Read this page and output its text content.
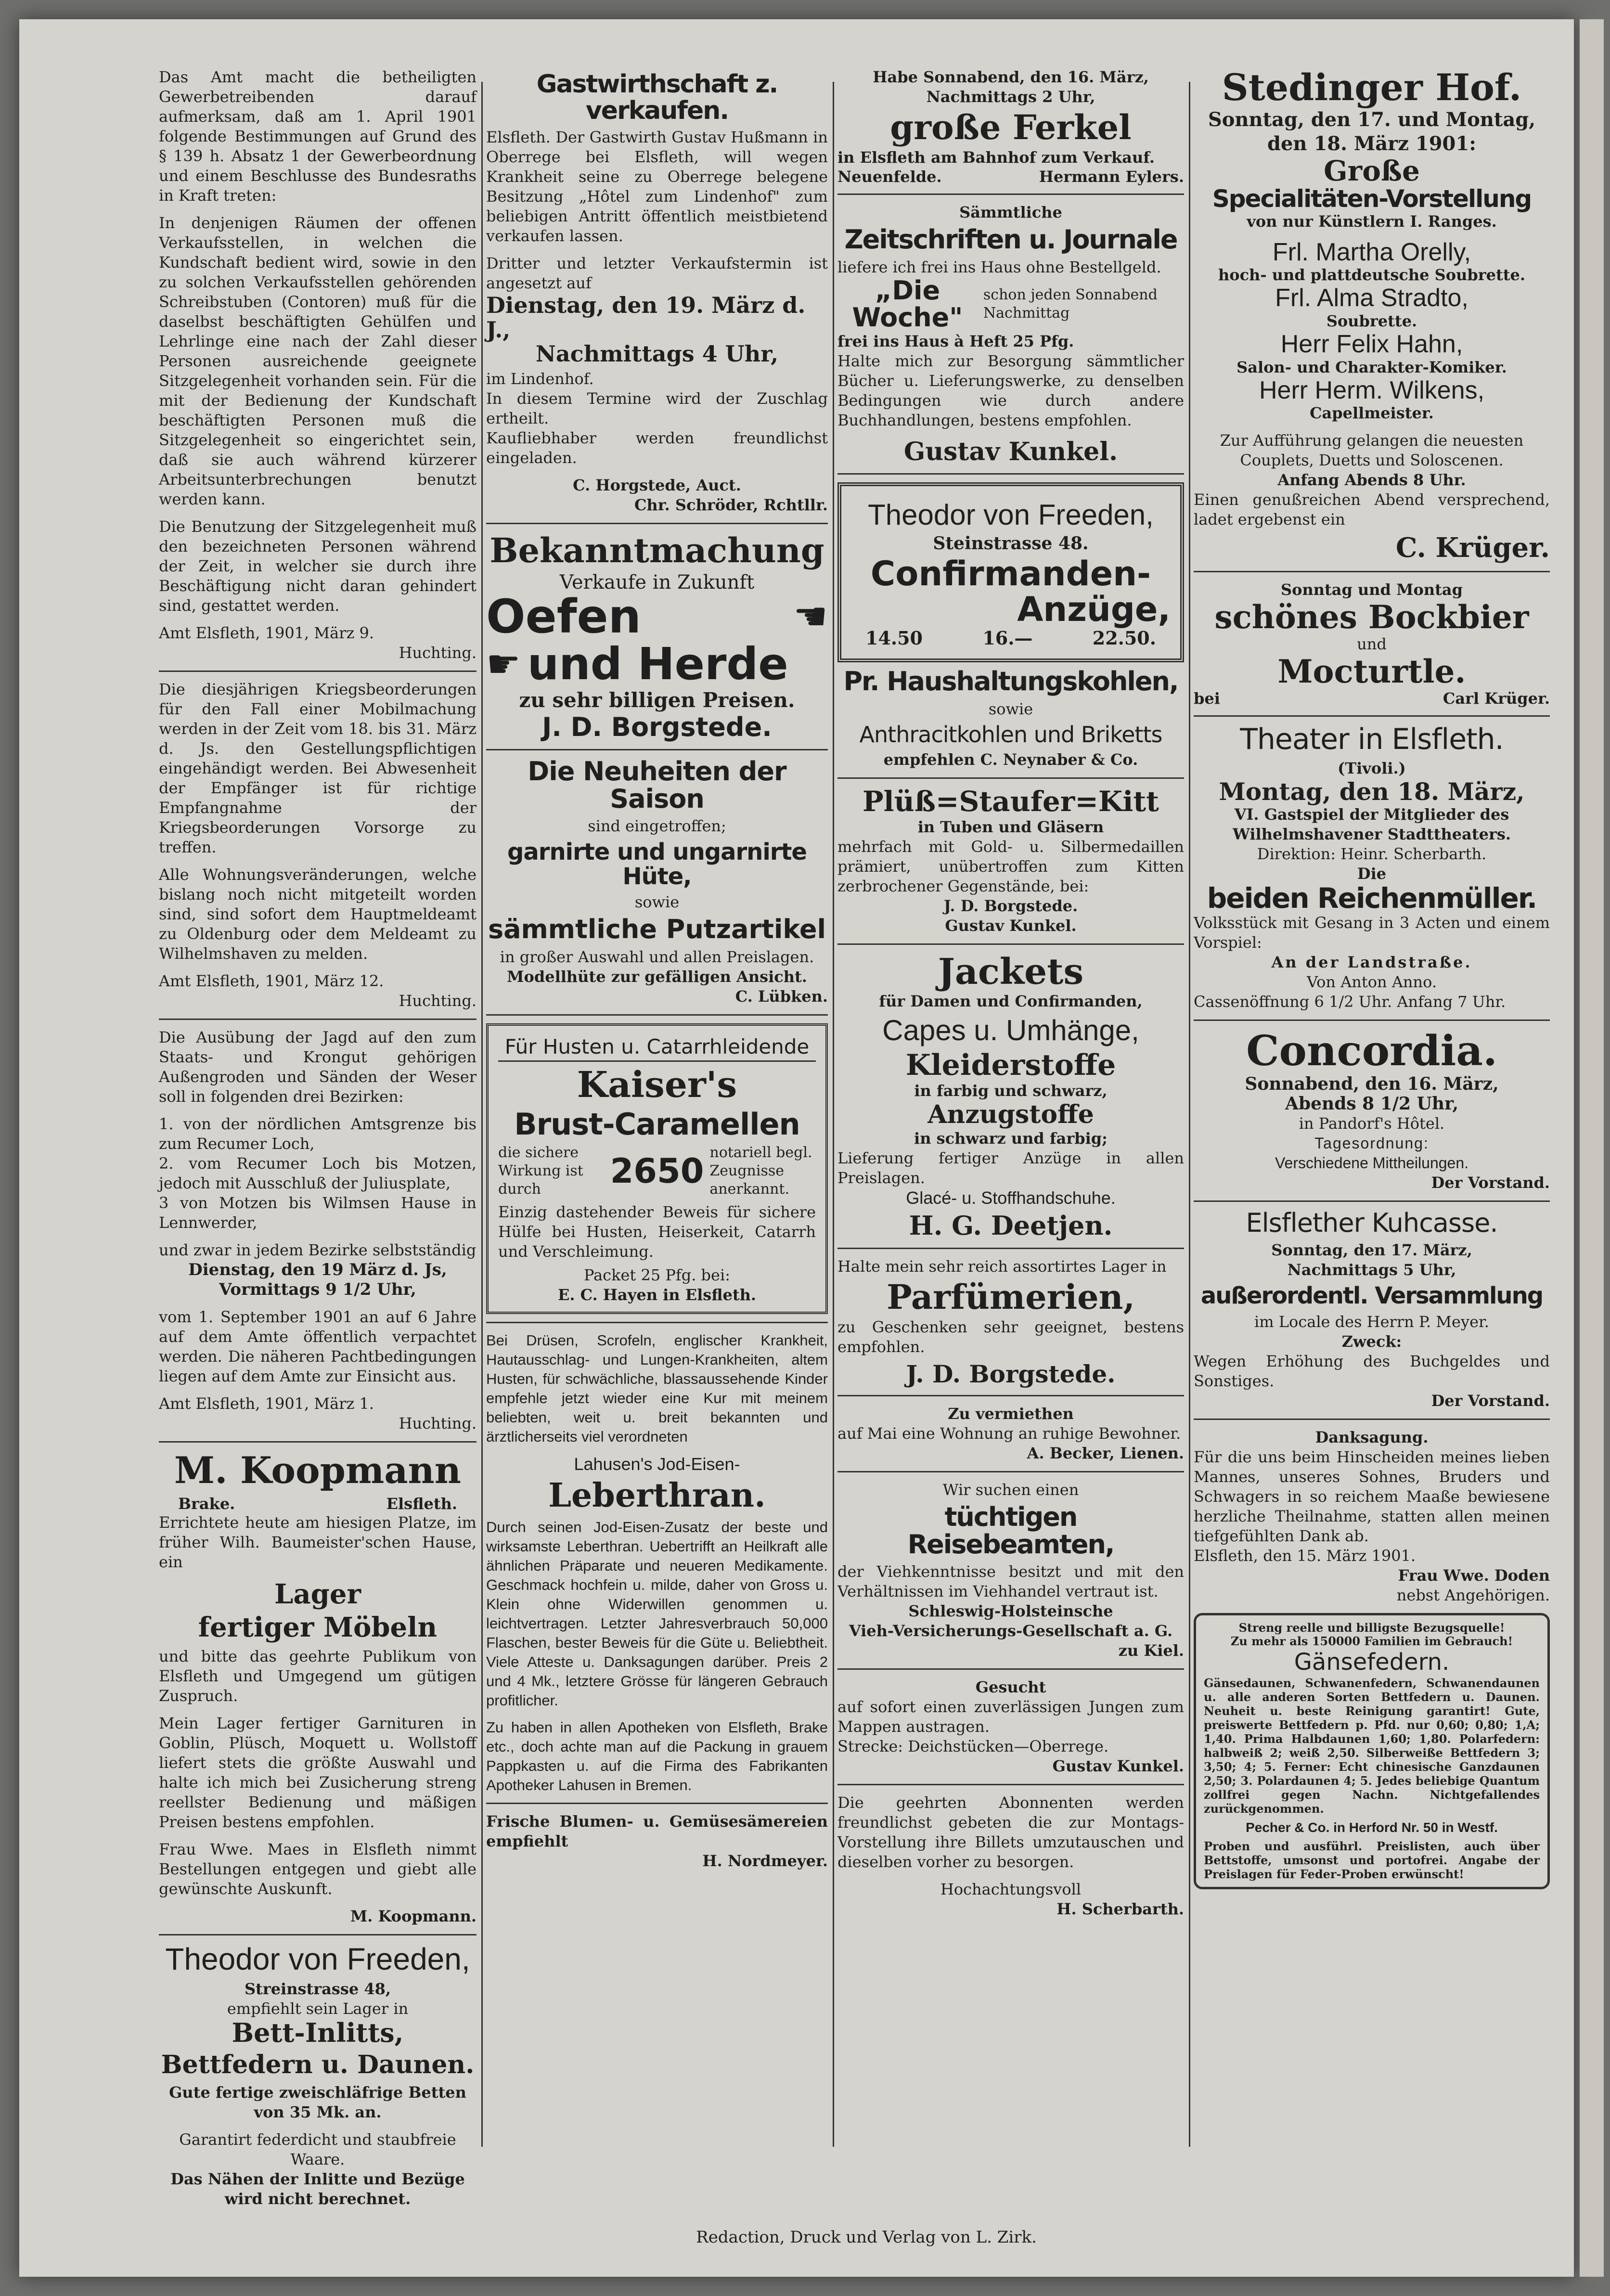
Das Amt macht die betheiligten Gewerbetreibenden darauf aufmerksam, daß am 1. April 1901 folgende Bestimmungen auf Grund des § 139 h. Absatz 1 der Gewerbeordnung und einem Beschlusse des Bundesraths in Kraft treten:

In denjenigen Räumen der offenen Verkaufsstellen, in welchen die Kundschaft bedient wird, sowie in den zu solchen Verkaufsstellen gehörenden Schreibstuben (Contoren) muß für die daselbst beschäftigten Gehülfen und Lehrlinge eine nach der Zahl dieser Personen ausreichende geeignete Sitzgelegenheit vorhanden sein. Für die mit der Bedienung der Kundschaft beschäftigten Personen muß die Sitzgelegenheit so eingerichtet sein, daß sie auch während kürzerer Arbeitsunterbrechungen benutzt werden kann.

Die Benutzung der Sitzgelegenheit muß den bezeichneten Personen während der Zeit, in welcher sie durch ihre Beschäftigung nicht daran gehindert sind, gestattet werden.

Amt Elsfleth, 1901, März 9.

Huchting.

Die diesjährigen Kriegsbeorderungen für den Fall einer Mobilmachung werden in der Zeit vom 18. bis 31. März d. Js. den Gestellungspflichtigen eingehändigt werden. Bei Abwesenheit der Empfänger ist für richtige Empfangnahme der Kriegsbeorderungen Vorsorge zu treffen.

Alle Wohnungsveränderungen, welche bislang noch nicht mitgeteilt worden sind, sind sofort dem Hauptmeldeamt zu Oldenburg oder dem Meldeamt zu Wilhelmshaven zu melden.

Amt Elsfleth, 1901, März 12.

Huchting.

Die Ausübung der Jagd auf den zum Staats- und Krongut gehörigen Außengroden und Sänden der Weser soll in folgenden drei Bezirken:

1. von der nördlichen Amtsgrenze bis zum Recumer Loch,

2. vom Recumer Loch bis Motzen, jedoch mit Ausschluß der Juliusplate,

3 von Motzen bis Wilmsen Hause in Lennwerder,

und zwar in jedem Bezirke selbstständig

Dienstag, den 19 März d. Js,

Vormittags 9 1/2 Uhr,

vom 1. September 1901 an auf 6 Jahre auf dem Amte öffentlich verpachtet werden. Die näheren Pachtbedingungen liegen auf dem Amte zur Einsicht aus.

Amt Elsfleth, 1901, März 1.

Huchting.

M. Koopmann
Brake.	Elsfleth.

Errichtete heute am hiesigen Platze, im früher Wilh. Baumeister'schen Hause, ein

Lager
fertiger Möbeln

und bitte das geehrte Publikum von Elsfleth und Umgegend um gütigen Zuspruch.

Mein Lager fertiger Garnituren in Goblin, Plüsch, Moquett u. Wollstoff liefert stets die größte Auswahl und halte ich mich bei Zusicherung streng reellster Bedienung und mäßigen Preisen bestens empfohlen.

Frau Wwe. Maes in Elsfleth nimmt Bestellungen entgegen und giebt alle gewünschte Auskunft.

M. Koopmann.

Theodor von Freeden,

Streinstrasse 48,

empfiehlt sein Lager in

Bett-Inlitts,
Bettfedern u. Daunen.

Gute fertige zweischläfrige Betten von 35 Mk. an.

Garantirt federdicht und staubfreie Waare.

Das Nähen der Inlitte und Bezüge wird nicht berechnet.

Gastwirthschaft z. verkaufen.

Elsfleth. Der Gastwirth Gustav Hußmann in Oberrege bei Elsfleth, will wegen Krankheit seine zu Oberrege belegene Besitzung „Hôtel zum Lindenhof" zum beliebigen Antritt öffentlich meistbietend verkaufen lassen.

Dritter und letzter Verkaufstermin ist angesetzt auf

Dienstag, den 19. März d. J.,
Nachmittags 4 Uhr,

im Lindenhof.

In diesem Termine wird der Zuschlag ertheilt.

Kaufliebhaber werden freundlichst eingeladen.

C. Horgstede, Auct.

Chr. Schröder, Rchtllr.

Bekanntmachung

Verkaufe in Zukunft

Oefen	☚
☛ und Herde

zu sehr billigen Preisen.

J. D. Borgstede.
Die Neuheiten der Saison

sind eingetroffen;

garnirte und ungarnirte Hüte,

sowie

sämmtliche Putzartikel

in großer Auswahl und allen Preislagen.

Modellhüte zur gefälligen Ansicht.

C. Lübken.

Für Husten u. Catarrhleidende
Kaiser's
Brust-Caramellen
die sichere Wirkung ist durch	2650 notariell begl. Zeugnisse anerkannt.

Einzig dastehender Beweis für sichere Hülfe bei Husten, Heiserkeit, Catarrh und Verschleimung.

Packet 25 Pfg. bei:

E. C. Hayen in Elsfleth.

Bei Drüsen, Scrofeln, englischer Krankheit, Hautausschlag- und Lungen-Krankheiten, altem Husten, für schwächliche, blassaussehende Kinder empfehle jetzt wieder eine Kur mit meinem beliebten, weit u. breit bekannten und ärztlicherseits viel verordneten

Lahusen's Jod-Eisen-

Leberthran.

Durch seinen Jod-Eisen-Zusatz der beste und wirksamste Leberthran. Uebertrifft an Heilkraft alle ähnlichen Präparate und neueren Medikamente. Geschmack hochfein u. milde, daher von Gross u. Klein ohne Widerwillen genommen u. leichtvertragen. Letzter Jahresverbrauch 50,000 Flaschen, bester Beweis für die Güte u. Beliebtheit. Viele Atteste u. Danksagungen darüber. Preis 2 und 4 Mk., letztere Grösse für längeren Gebrauch profitlicher.

Zu haben in allen Apotheken von Elsfleth, Brake etc., doch achte man auf die Packung in grauem Pappkasten u. auf die Firma des Fabrikanten Apotheker Lahusen in Bremen.

Frische Blumen- u. Gemüsesämereien empfiehlt

H. Nordmeyer.

Habe Sonnabend, den 16. März, Nachmittags 2 Uhr,

große Ferkel

in Elsfleth am Bahnhof zum Verkauf.

Neuenfelde.	Hermann Eylers.

Sämmtliche

Zeitschriften u. Journale

liefere ich frei ins Haus ohne Bestellgeld.

„Die Woche"
schon jeden Sonnabend Nachmittag

frei ins Haus à Heft 25 Pfg.

Halte mich zur Besorgung sämmtlicher Bücher u. Lieferungswerke, zu denselben Bedingungen wie durch andere Buchhandlungen, bestens empfohlen.

Gustav Kunkel.
Theodor von Freeden,

Steinstrasse 48.

Confirmanden-
Anzüge,
14.50	16.—	22.50.
Pr. Haushaltungskohlen,

sowie

Anthracitkohlen und Briketts

empfehlen C. Neynaber & Co.

Plüß=Staufer=Kitt

in Tuben und Gläsern

mehrfach mit Gold- u. Silbermedaillen prämiert, unübertroffen zum Kitten zerbrochener Gegenstände, bei:

J. D. Borgstede.

Gustav Kunkel.

Jackets

für Damen und Confirmanden,

Capes u. Umhänge,
Kleiderstoffe

in farbig und schwarz,

Anzugstoffe

in schwarz und farbig;

Lieferung fertiger Anzüge in allen Preislagen.

Glacé- u. Stoffhandschuhe.

H. G. Deetjen.

Halte mein sehr reich assortirtes Lager in

Parfümerien,

zu Geschenken sehr geeignet, bestens empfohlen.

J. D. Borgstede.

Zu vermiethen

auf Mai eine Wohnung an ruhige Bewohner.

A. Becker, Lienen.

Wir suchen einen

tüchtigen Reisebeamten,

der Viehkenntnisse besitzt und mit den Verhältnissen im Viehhandel vertraut ist.

Schleswig-Holsteinsche

Vieh-Versicherungs-Gesellschaft a. G.

zu Kiel.

Gesucht

auf sofort einen zuverlässigen Jungen zum Mappen austragen.

Strecke: Deichstücken—Oberrege.

Gustav Kunkel.

Die geehrten Abonnenten werden freundlichst gebeten die zur Montags-Vorstellung ihre Billets umzutauschen und dieselben vorher zu besorgen.

Hochachtungsvoll

H. Scherbarth.

Stedinger Hof.

Sonntag, den 17. und Montag, den 18. März 1901:

Große
Specialitäten-Vorstellung

von nur Künstlern I. Ranges.

Frl. Martha Orelly,

hoch- und plattdeutsche Soubrette.

Frl. Alma Stradto,

Soubrette.

Herr Felix Hahn,

Salon- und Charakter-Komiker.

Herr Herm. Wilkens,

Capellmeister.

Zur Aufführung gelangen die neuesten Couplets, Duetts und Soloscenen.

Anfang Abends 8 Uhr.

Einen genußreichen Abend versprechend, ladet ergebenst ein

C. Krüger.

Sonntag und Montag

schönes Bockbier

und

Mocturtle.
bei	Carl Krüger.
Theater in Elsfleth.

(Tivoli.)

Montag, den 18. März,

VI. Gastspiel der Mitglieder des Wilhelmshavener Stadttheaters.

Direktion: Heinr. Scherbarth.

Die

beiden Reichenmüller.

Volksstück mit Gesang in 3 Acten und einem Vorspiel:

An der Landstraße.

Von Anton Anno.

Cassenöffnung 6 1/2 Uhr. Anfang 7 Uhr.

Concordia.

Sonnabend, den 16. März,

Abends 8 1/2 Uhr,

in Pandorf's Hôtel.

Tagesordnung:

Verschiedene Mittheilungen.

Der Vorstand.

Elsflether Kuhcasse.

Sonntag, den 17. März,

Nachmittags 5 Uhr,

außerordentl. Versammlung

im Locale des Herrn P. Meyer.

Zweck:

Wegen Erhöhung des Buchgeldes und Sonstiges.

Der Vorstand.

Danksagung.

Für die uns beim Hinscheiden meines lieben Mannes, unseres Sohnes, Bruders und Schwagers in so reichem Maaße bewiesene herzliche Theilnahme, statten allen meinen tiefgefühlten Dank ab.

Elsfleth, den 15. März 1901.

Frau Wwe. Doden

nebst Angehörigen.

Streng reelle und billigste Bezugsquelle!

Zu mehr als 150000 Familien im Gebrauch!

Gänsefedern.

Gänsedaunen, Schwanenfedern, Schwanendaunen u. alle anderen Sorten Bettfedern u. Daunen. Neuheit u. beste Reinigung garantirt! Gute, preiswerte Bettfedern p. Pfd. nur 0,60; 0,80; 1,A; 1,40. Prima Halbdaunen 1,60; 1,80. Polarfedern: halbweiß 2; weiß 2,50. Silberweiße Bettfedern 3; 3,50; 4; 5. Ferner: Echt chinesische Ganzdaunen 2,50; 3. Polardaunen 4; 5. Jedes beliebige Quantum zollfrei gegen Nachn. Nichtgefallendes zurückgenommen.

Pecher & Co. in Herford Nr. 50 in Westf.

Proben und ausführl. Preislisten, auch über Bettstoffe, umsonst und portofrei. Angabe der Preislagen für Feder-Proben erwünscht!

Redaction, Druck und Verlag von L. Zirk.
